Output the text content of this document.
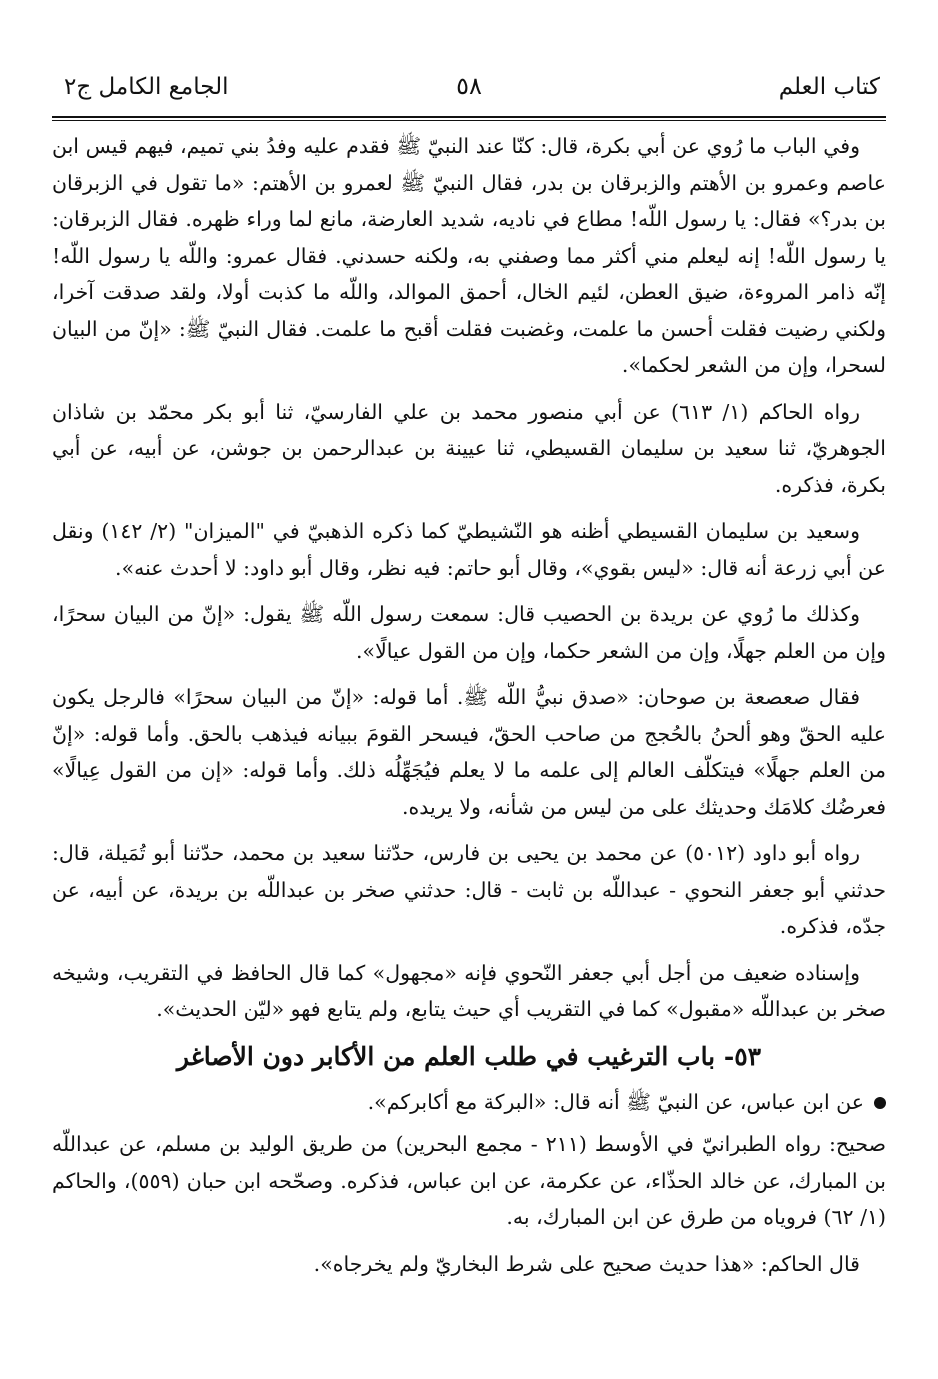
كتاب العلم
٥٨
الجامع الكامل ج٢

وفي الباب ما رُوي عن أبي بكرة، قال: كنّا عند النبيّ ﷺ فقدم عليه وفدُ بني تميم، فيهم قيس ابن عاصم وعمرو بن الأهتم والزبرقان بن بدر، فقال النبيّ ﷺ لعمرو بن الأهتم: «ما تقول في الزبرقان بن بدر؟» فقال: يا رسول اللّه! مطاع في ناديه، شديد العارضة، مانع لما وراء ظهره. فقال الزبرقان: يا رسول اللّه! إنه ليعلم مني أكثر مما وصفني به، ولكنه حسدني. فقال عمرو: واللّه يا رسول اللّه! إنّه ذامر المروءة، ضيق العطن، لئيم الخال، أحمق الموالد، واللّه ما كذبت أولا، ولقد صدقت آخرا، ولكني رضيت فقلت أحسن ما علمت، وغضبت فقلت أقبح ما علمت. فقال النبيّ ﷺ: «إنّ من البيان لسحرا، وإن من الشعر لحكما».

رواه الحاكم (١/ ٦١٣) عن أبي منصور محمد بن علي الفارسيّ، ثنا أبو بكر محمّد بن شاذان الجوهريّ، ثنا سعيد بن سليمان القسيطي، ثنا عيينة بن عبدالرحمن بن جوشن، عن أبيه، عن أبي بكرة، فذكره.

وسعيد بن سليمان القسيطي أظنه هو النّشيطيّ كما ذكره الذهبيّ في "الميزان" (٢/ ١٤٢) ونقل عن أبي زرعة أنه قال: «ليس بقوي»، وقال أبو حاتم: فيه نظر، وقال أبو داود: لا أحدث عنه».

وكذلك ما رُوي عن بريدة بن الحصيب قال: سمعت رسول اللّه ﷺ يقول: «إنّ من البيان سحرًا، وإن من العلم جهلًا، وإن من الشعر حكما، وإن من القول عيالًا».

فقال صعصعة بن صوحان: «صدق نبيُّ اللّه ﷺ. أما قوله: «إنّ من البيان سحرًا» فالرجل يكون عليه الحقّ وهو ألحنُ بالحُجج من صاحب الحقّ، فيسحر القومَ ببيانه فيذهب بالحق. وأما قوله: «إنّ من العلم جهلًا» فيتكلّف العالم إلى علمه ما لا يعلم فيُجَهِّلُه ذلك. وأما قوله: «إن من القول عِيالًا» فعرضُك كلامَك وحديثك على من ليس من شأنه، ولا يريده.

رواه أبو داود (٥٠١٢) عن محمد بن يحيى بن فارس، حدّثنا سعيد بن محمد، حدّثنا أبو تُمَيلة، قال: حدثني أبو جعفر النحوي - عبداللّه بن ثابت - قال: حدثني صخر بن عبداللّه بن بريدة، عن أبيه، عن جدّه، فذكره.

وإسناده ضعيف من أجل أبي جعفر النّحوي فإنه «مجهول» كما قال الحافظ في التقريب، وشيخه صخر بن عبداللّه «مقبول» كما في التقريب أي حيث يتابع، ولم يتابع فهو «ليّن الحديث».

٥٣- باب الترغيب في طلب العلم من الأكابر دون الأصاغر

عن ابن عباس، عن النبيّ ﷺ أنه قال: «البركة مع أكابركم».

صحيح: رواه الطبرانيّ في الأوسط (٢١١ - مجمع البحرين) من طريق الوليد بن مسلم، عن عبداللّه بن المبارك، عن خالد الحذّاء، عن عكرمة، عن ابن عباس، فذكره. وصحّحه ابن حبان (٥٥٩)، والحاكم (١/ ٦٢) فروياه من طرق عن ابن المبارك، به.

قال الحاكم: «هذا حديث صحيح على شرط البخاريّ ولم يخرجاه».
